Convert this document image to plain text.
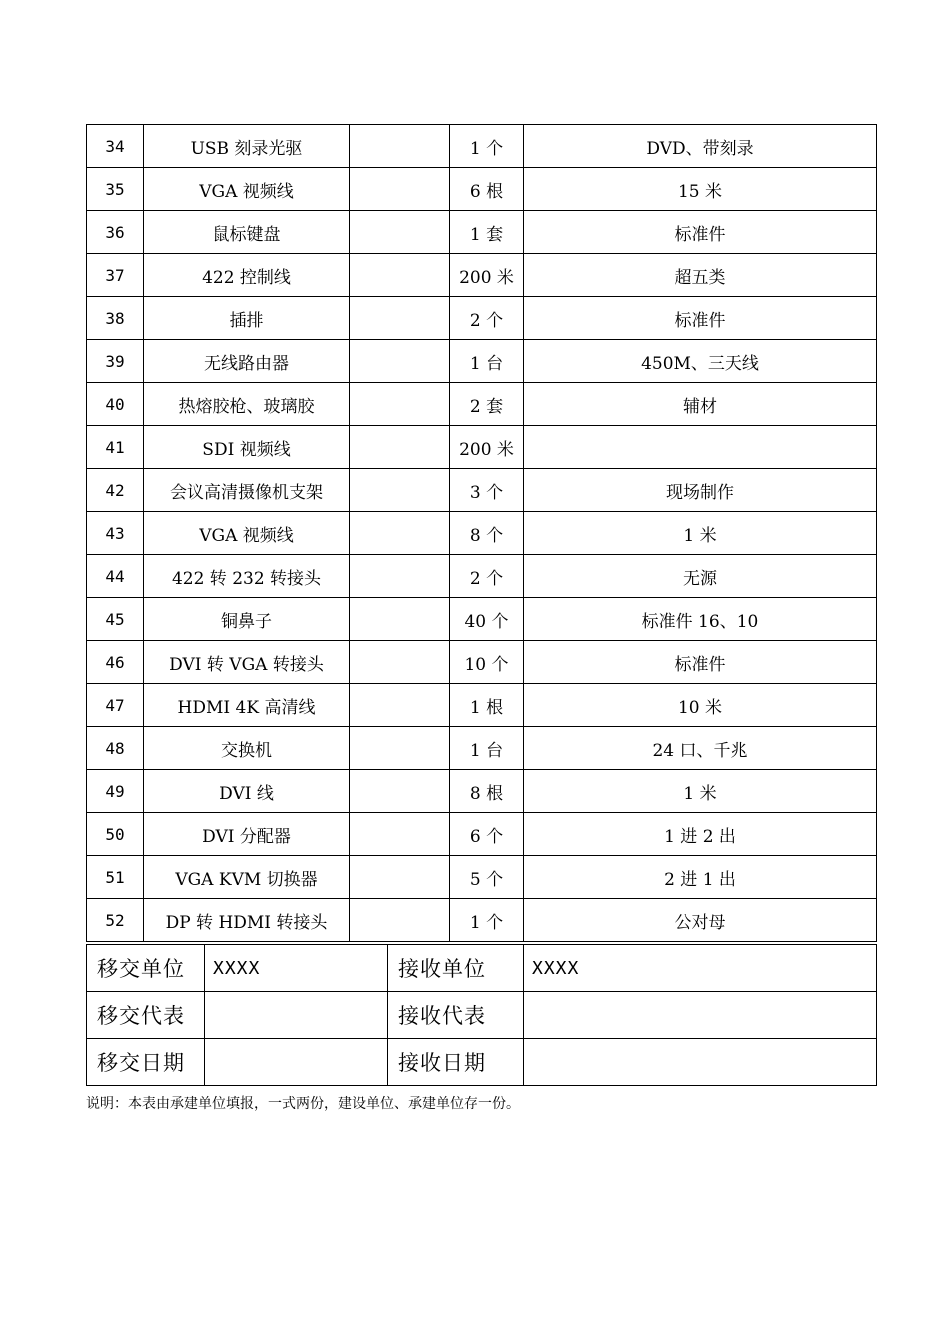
34	USB 刻录光驱		1 个	DVD、带刻录
35	VGA 视频线		6 根	15 米
36	鼠标键盘		1 套	标准件
37	422 控制线		200 米	超五类
38	插排		2 个	标准件
39	无线路由器		1 台	450M、三天线
40	热熔胶枪、玻璃胶		2 套	辅材
41	SDI 视频线		200 米	
42	会议高清摄像机支架		3 个	现场制作
43	VGA 视频线		8 个	1 米
44	422 转 232 转接头		2 个	无源
45	铜鼻子		40 个	标准件 16、10
46	DVI 转 VGA 转接头		10 个	标准件
47	HDMI 4K 高清线		1 根	10 米
48	交换机		1 台	24 口、千兆
49	DVI 线		8 根	1 米
50	DVI 分配器		6 个	1 进 2 出
51	VGA KVM 切换器		5 个	2 进 1 出
52	DP 转 HDMI 转接头		1 个	公对母
移交单位	XXXX	接收单位	XXXX
移交代表		接收代表	
移交日期		接收日期	
说明：本表由承建单位填报，一式两份，建设单位、承建单位存一份。
